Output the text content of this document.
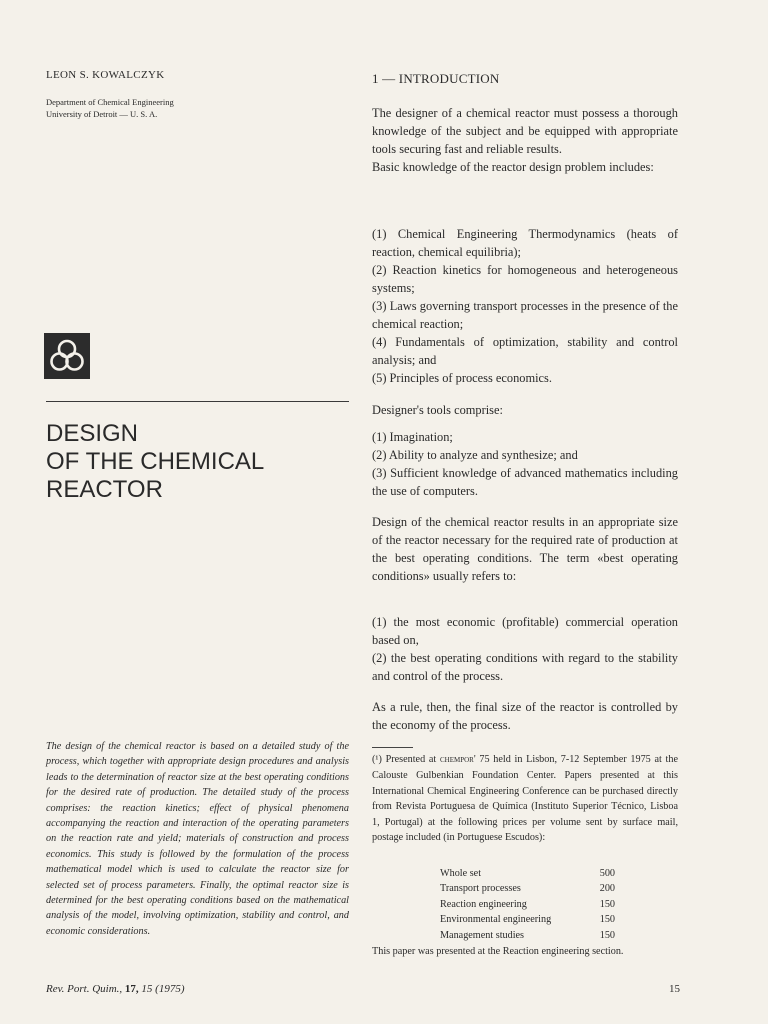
LEON S. KOWALCZYK

Department of Chemical Engineering
University of Detroit — U. S. A.
DESIGN
OF THE CHEMICAL
REACTOR

The design of the chemical reactor is based on a detailed study of the process, which together with appropriate design procedures and analysis leads to the determination of reactor size at the best operating conditions for the desired rate of production. The detailed study of the process comprises: the reaction kinetics; effect of physical phenomena accompanying the reaction and interaction of the operating parameters on the reaction rate and yield; materials of construction and process economics. This study is followed by the formulation of the process mathematical model which is used to calculate the reactor size for selected set of process parameters. Finally, the optimal reactor size is determined for the best operating conditions based on the mathematical analysis of the model, involving optimization, stability and control, and economic considerations.

Rev. Port. Quim., 17, 15 (1975)

1 — INTRODUCTION

The designer of a chemical reactor must possess a thorough knowledge of the subject and be equipped with appropriate tools securing fast and reliable results.

Basic knowledge of the reactor design problem includes:

(1) Chemical Engineering Thermodynamics (heats of reaction, chemical equilibria);

(2) Reaction kinetics for homogeneous and heterogeneous systems;

(3) Laws governing transport processes in the presence of the chemical reaction;

(4) Fundamentals of optimization, stability and control analysis; and

(5) Principles of process economics.

Designer's tools comprise:

(1) Imagination;

(2) Ability to analyze and synthesize; and

(3) Sufficient knowledge of advanced mathematics including the use of computers.

Design of the chemical reactor results in an appropriate size of the reactor necessary for the required rate of production at the best operating conditions. The term «best operating conditions» usually refers to:

(1) the most economic (profitable) commercial operation based on,

(2) the best operating conditions with regard to the stability and control of the process.

As a rule, then, the final size of the reactor is controlled by the economy of the process.

(¹) Presented at chempor' 75 held in Lisbon, 7-12 September 1975 at the Calouste Gulbenkian Foundation Center. Papers presented at this International Chemical Engineering Conference can be purchased directly from Revista Portuguesa de Química (Instituto Superior Técnico, Lisboa 1, Portugal) at the following prices per volume sent by surface mail, postage included (in Portuguese Escudos):

Whole set	500
Transport processes	200
Reaction engineering	150
Environmental engineering	150
Management studies	150

This paper was presented at the Reaction engineering section.

15
